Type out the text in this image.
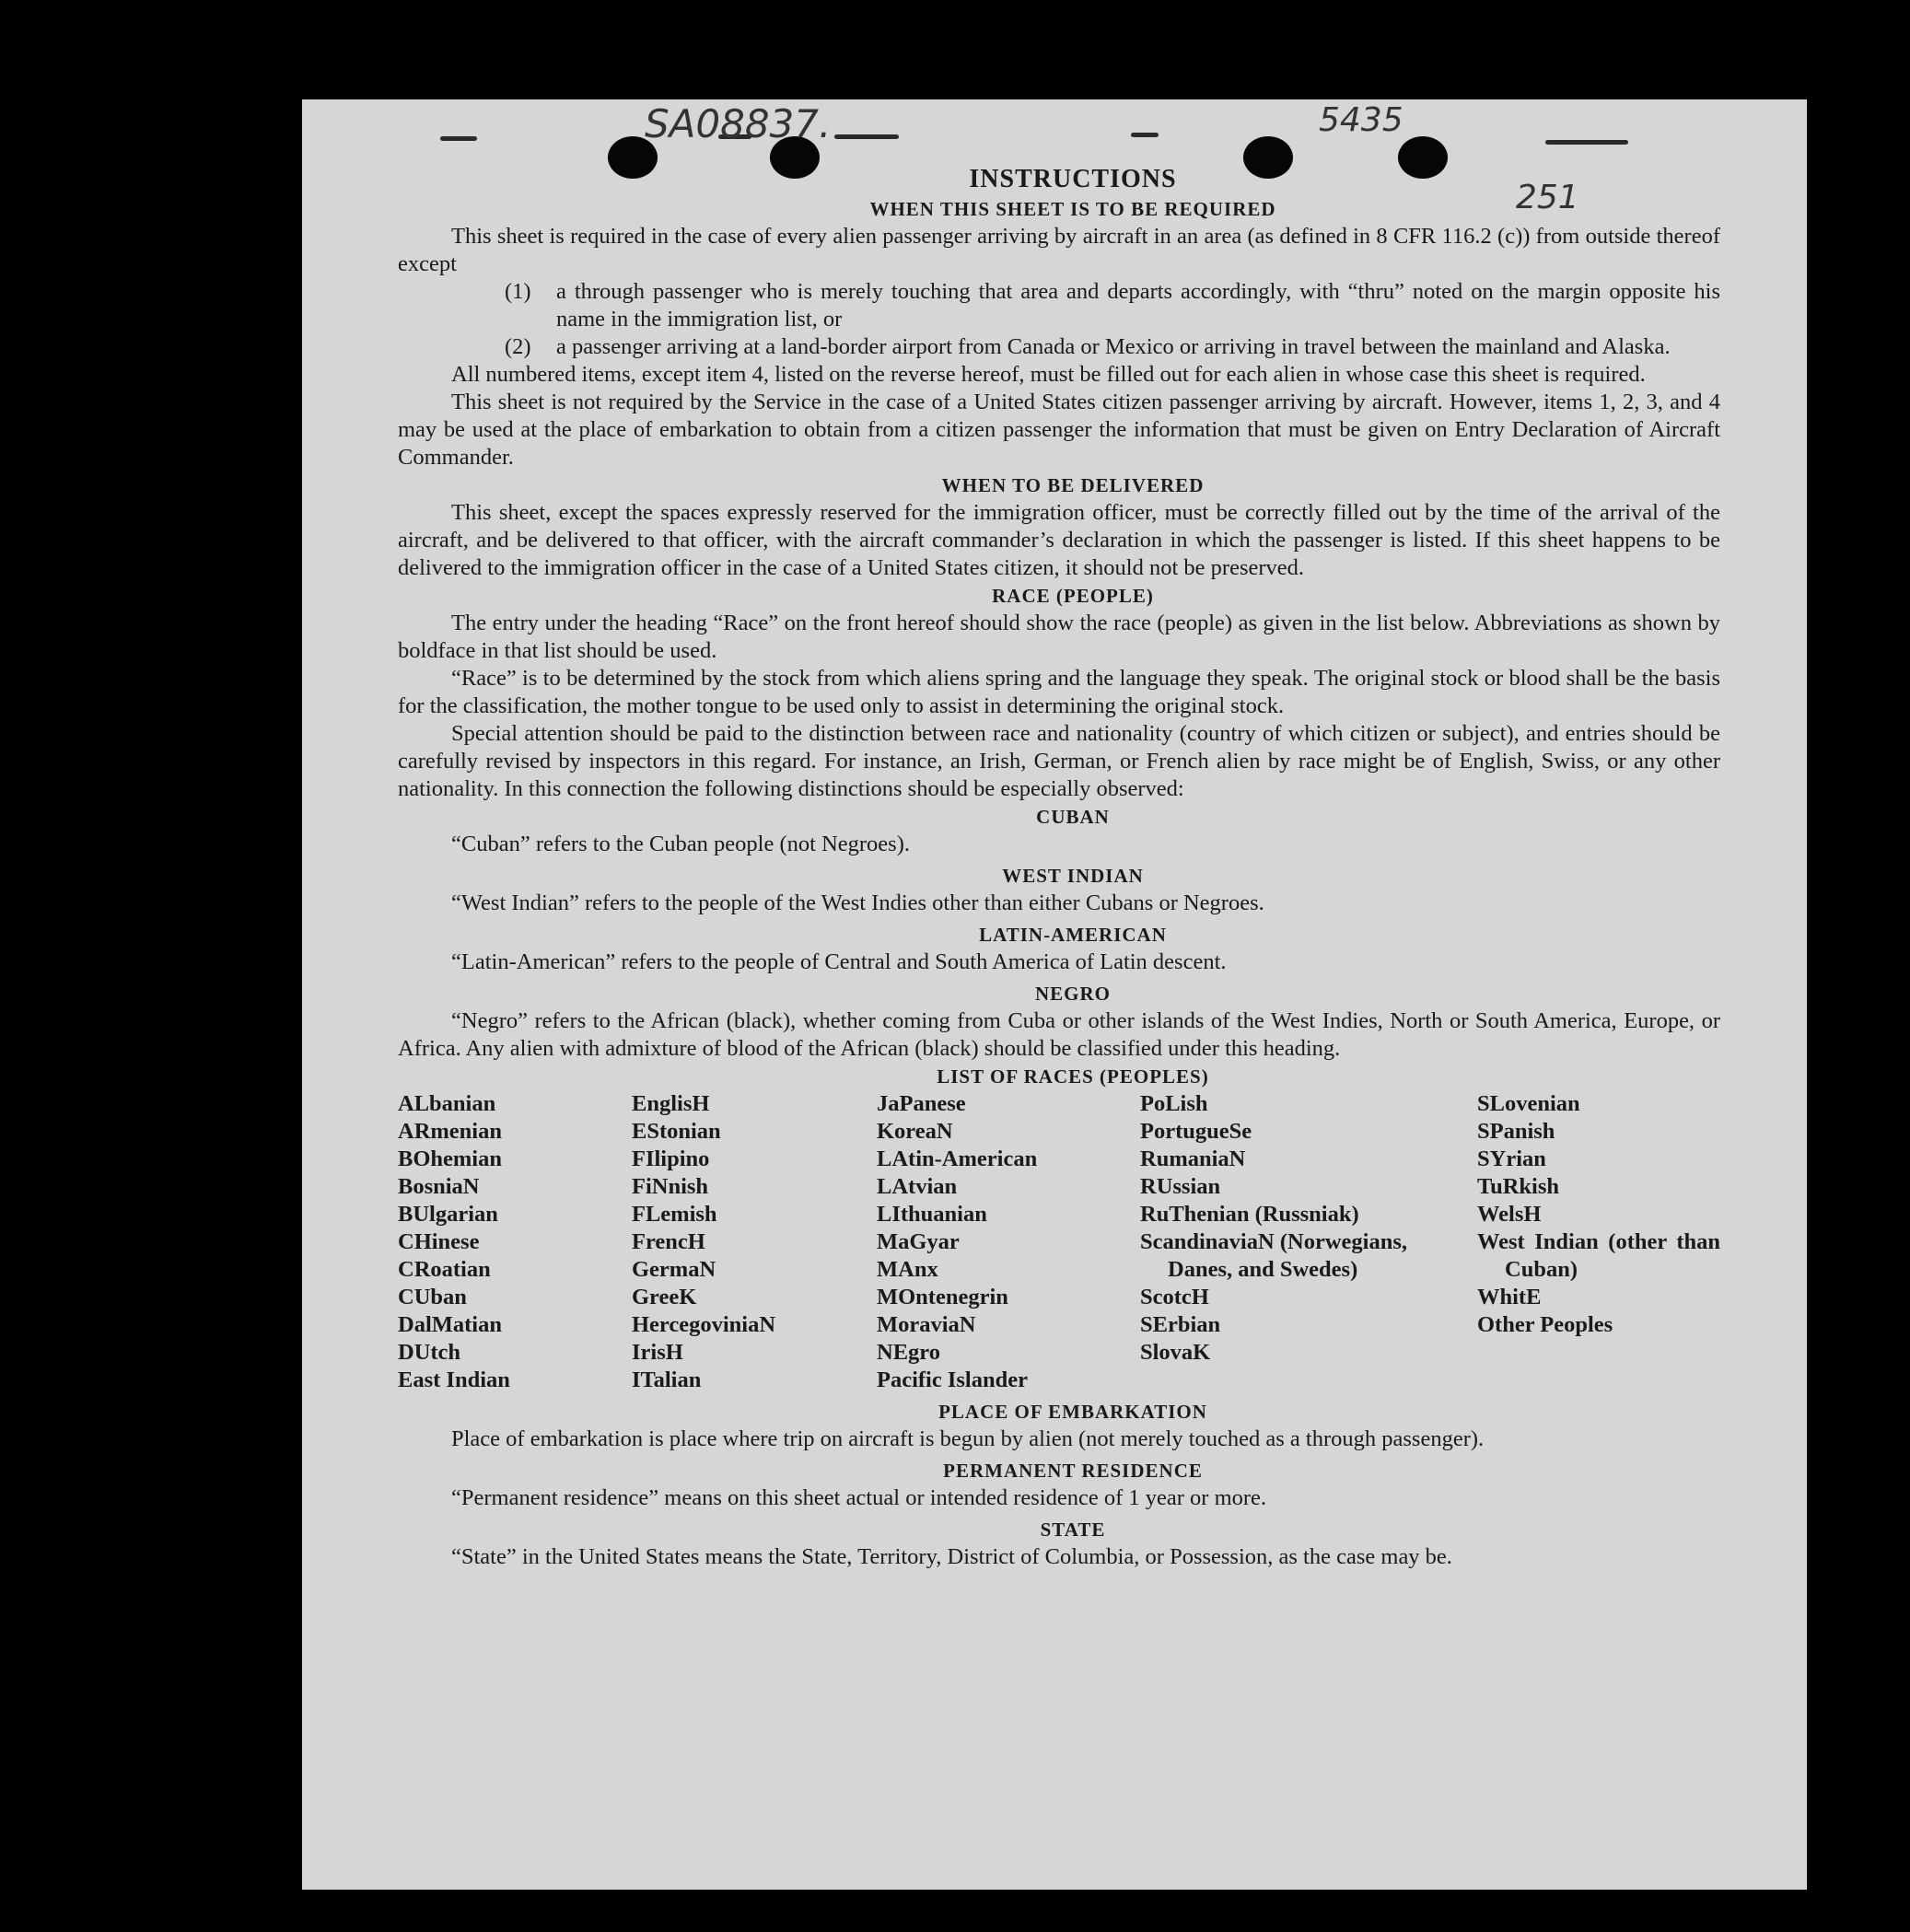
SA08837.	5435
251
INSTRUCTIONS
WHEN THIS SHEET IS TO BE REQUIRED

This sheet is required in the case of every alien passenger arriving by aircraft in an area (as defined in 8 CFR 116.2 (c)) from outside thereof except

(1) a through passenger who is merely touching that area and departs accordingly, with “thru” noted on the margin opposite his name in the immigration list, or
(2) a passenger arriving at a land-border airport from Canada or Mexico or arriving in travel between the mainland and Alaska.

All numbered items, except item 4, listed on the reverse hereof, must be filled out for each alien in whose case this sheet is required.

This sheet is not required by the Service in the case of a United States citizen passenger arriving by aircraft. However, items 1, 2, 3, and 4 may be used at the place of embarkation to obtain from a citizen passenger the information that must be given on Entry Declaration of Aircraft Commander.

WHEN TO BE DELIVERED

This sheet, except the spaces expressly reserved for the immigration officer, must be correctly filled out by the time of the arrival of the aircraft, and be delivered to that officer, with the aircraft commander’s declaration in which the passenger is listed. If this sheet happens to be delivered to the immigration officer in the case of a United States citizen, it should not be preserved.

RACE (PEOPLE)

The entry under the heading “Race” on the front hereof should show the race (people) as given in the list below. Abbreviations as shown by boldface in that list should be used.

“Race” is to be determined by the stock from which aliens spring and the language they speak. The original stock or blood shall be the basis for the classification, the mother tongue to be used only to assist in determining the original stock.

Special attention should be paid to the distinction between race and nationality (country of which citizen or subject), and entries should be carefully revised by inspectors in this regard. For instance, an Irish, German, or French alien by race might be of English, Swiss, or any other nationality. In this connection the following distinctions should be especially observed:

CUBAN

“Cuban” refers to the Cuban people (not Negroes).

WEST INDIAN

“West Indian” refers to the people of the West Indies other than either Cubans or Negroes.

LATIN-AMERICAN

“Latin-American” refers to the people of Central and South America of Latin descent.

NEGRO

“Negro” refers to the African (black), whether coming from Cuba or other islands of the West Indies, North or South America, Europe, or Africa. Any alien with admixture of blood of the African (black) should be classified under this heading.

LIST OF RACES (PEOPLES)
ALbanian
ARmenian
BOhemian
BosniaN
BUlgarian
CHinese
CRoatian
CUban
DalMatian
DUtch
East Indian
EnglisH
EStonian
FIlipino
FiNnish
FLemish
FrencH
GermaN
GreeK
HercegoviniaN
IrisH
ITalian
JaPanese
KoreaN
LAtin-American
LAtvian
LIthuanian
MaGyar
MAnx
MOntenegrin
MoraviaN
NEgro
Pacific Islander
PoLish
PortugueSe
RumaniaN
RUssian
RuThenian (Russniak)
ScandinaviaN (Norwegians, Danes, and Swedes)
ScotcH
SErbian
SlovaK
SLovenian
SPanish
SYrian
TuRkish
WelsH
West Indian (other than Cuban)
WhitE
Other Peoples
PLACE OF EMBARKATION

Place of embarkation is place where trip on aircraft is begun by alien (not merely touched as a through passenger).

PERMANENT RESIDENCE

“Permanent residence” means on this sheet actual or intended residence of 1 year or more.

STATE

“State” in the United States means the State, Territory, District of Columbia, or Possession, as the case may be.
